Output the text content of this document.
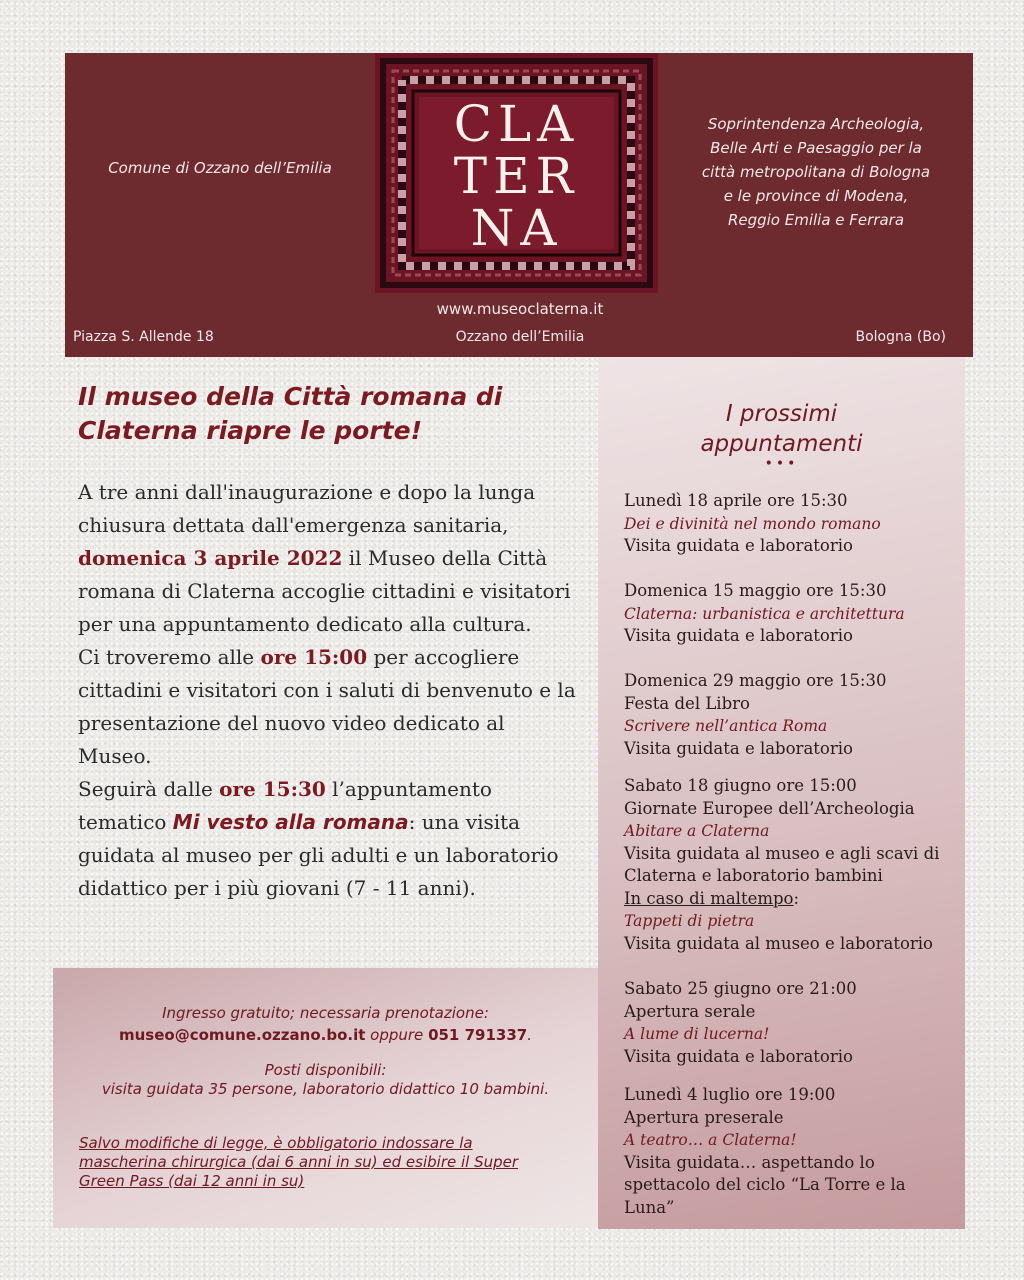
Comune di Ozzano dell’Emilia
CLA
TER
NA
Soprintendenza Archeologia,
Belle Arti e Paesaggio per la
città metropolitana di Bologna
e le province di Modena,
Reggio Emilia e Ferrara
www.museoclaterna.it
Piazza S. Allende 18	Ozzano dell’Emilia	Bologna (Bo)
Il museo della Città romana di Claterna riapre le porte!

A tre anni dall'inaugurazione e dopo la lunga chiusura dettata dall'emergenza sanitaria, domenica 3 aprile 2022 il Museo della Città romana di Claterna accoglie cittadini e visitatori per una appuntamento dedicato alla cultura.

Ci troveremo alle ore 15:00 per accogliere cittadini e visitatori con i saluti di benvenuto e la presentazione del nuovo video dedicato al Museo.

Seguirà dalle ore 15:30 l’appuntamento tematico Mi vesto alla romana: una visita guidata al museo per gli adulti e un laboratorio didattico per i più giovani (7 - 11 anni).

Ingresso gratuito; necessaria prenotazione:
museo@comune.ozzano.bo.it oppure 051 791337.
Posti disponibili:
visita guidata 35 persone, laboratorio didattico 10 bambini.
Salvo modifiche di legge, è obbligatorio indossare la mascherina chirurgica (dai 6 anni in su) ed esibire il Super Green Pass (dai 12 anni in su)
I prossimi
appuntamenti
•••
Lunedì 18 aprile ore 15:30
Dei e divinità nel mondo romano
Visita guidata e laboratorio
Domenica 15 maggio ore 15:30
Claterna: urbanistica e architettura
Visita guidata e laboratorio
Domenica 29 maggio ore 15:30
Festa del Libro
Scrivere nell’antica Roma
Visita guidata e laboratorio
Sabato 18 giugno ore 15:00
Giornate Europee dell’Archeologia
Abitare a Claterna
Visita guidata al museo e agli scavi di Claterna e laboratorio bambini
In caso di maltempo:
Tappeti di pietra
Visita guidata al museo e laboratorio
Sabato 25 giugno ore 21:00
Apertura serale
A lume di lucerna!
Visita guidata e laboratorio
Lunedì 4 luglio ore 19:00
Apertura preserale
A teatro… a Claterna!
Visita guidata… aspettando lo spettacolo del ciclo “La Torre e la Luna”
